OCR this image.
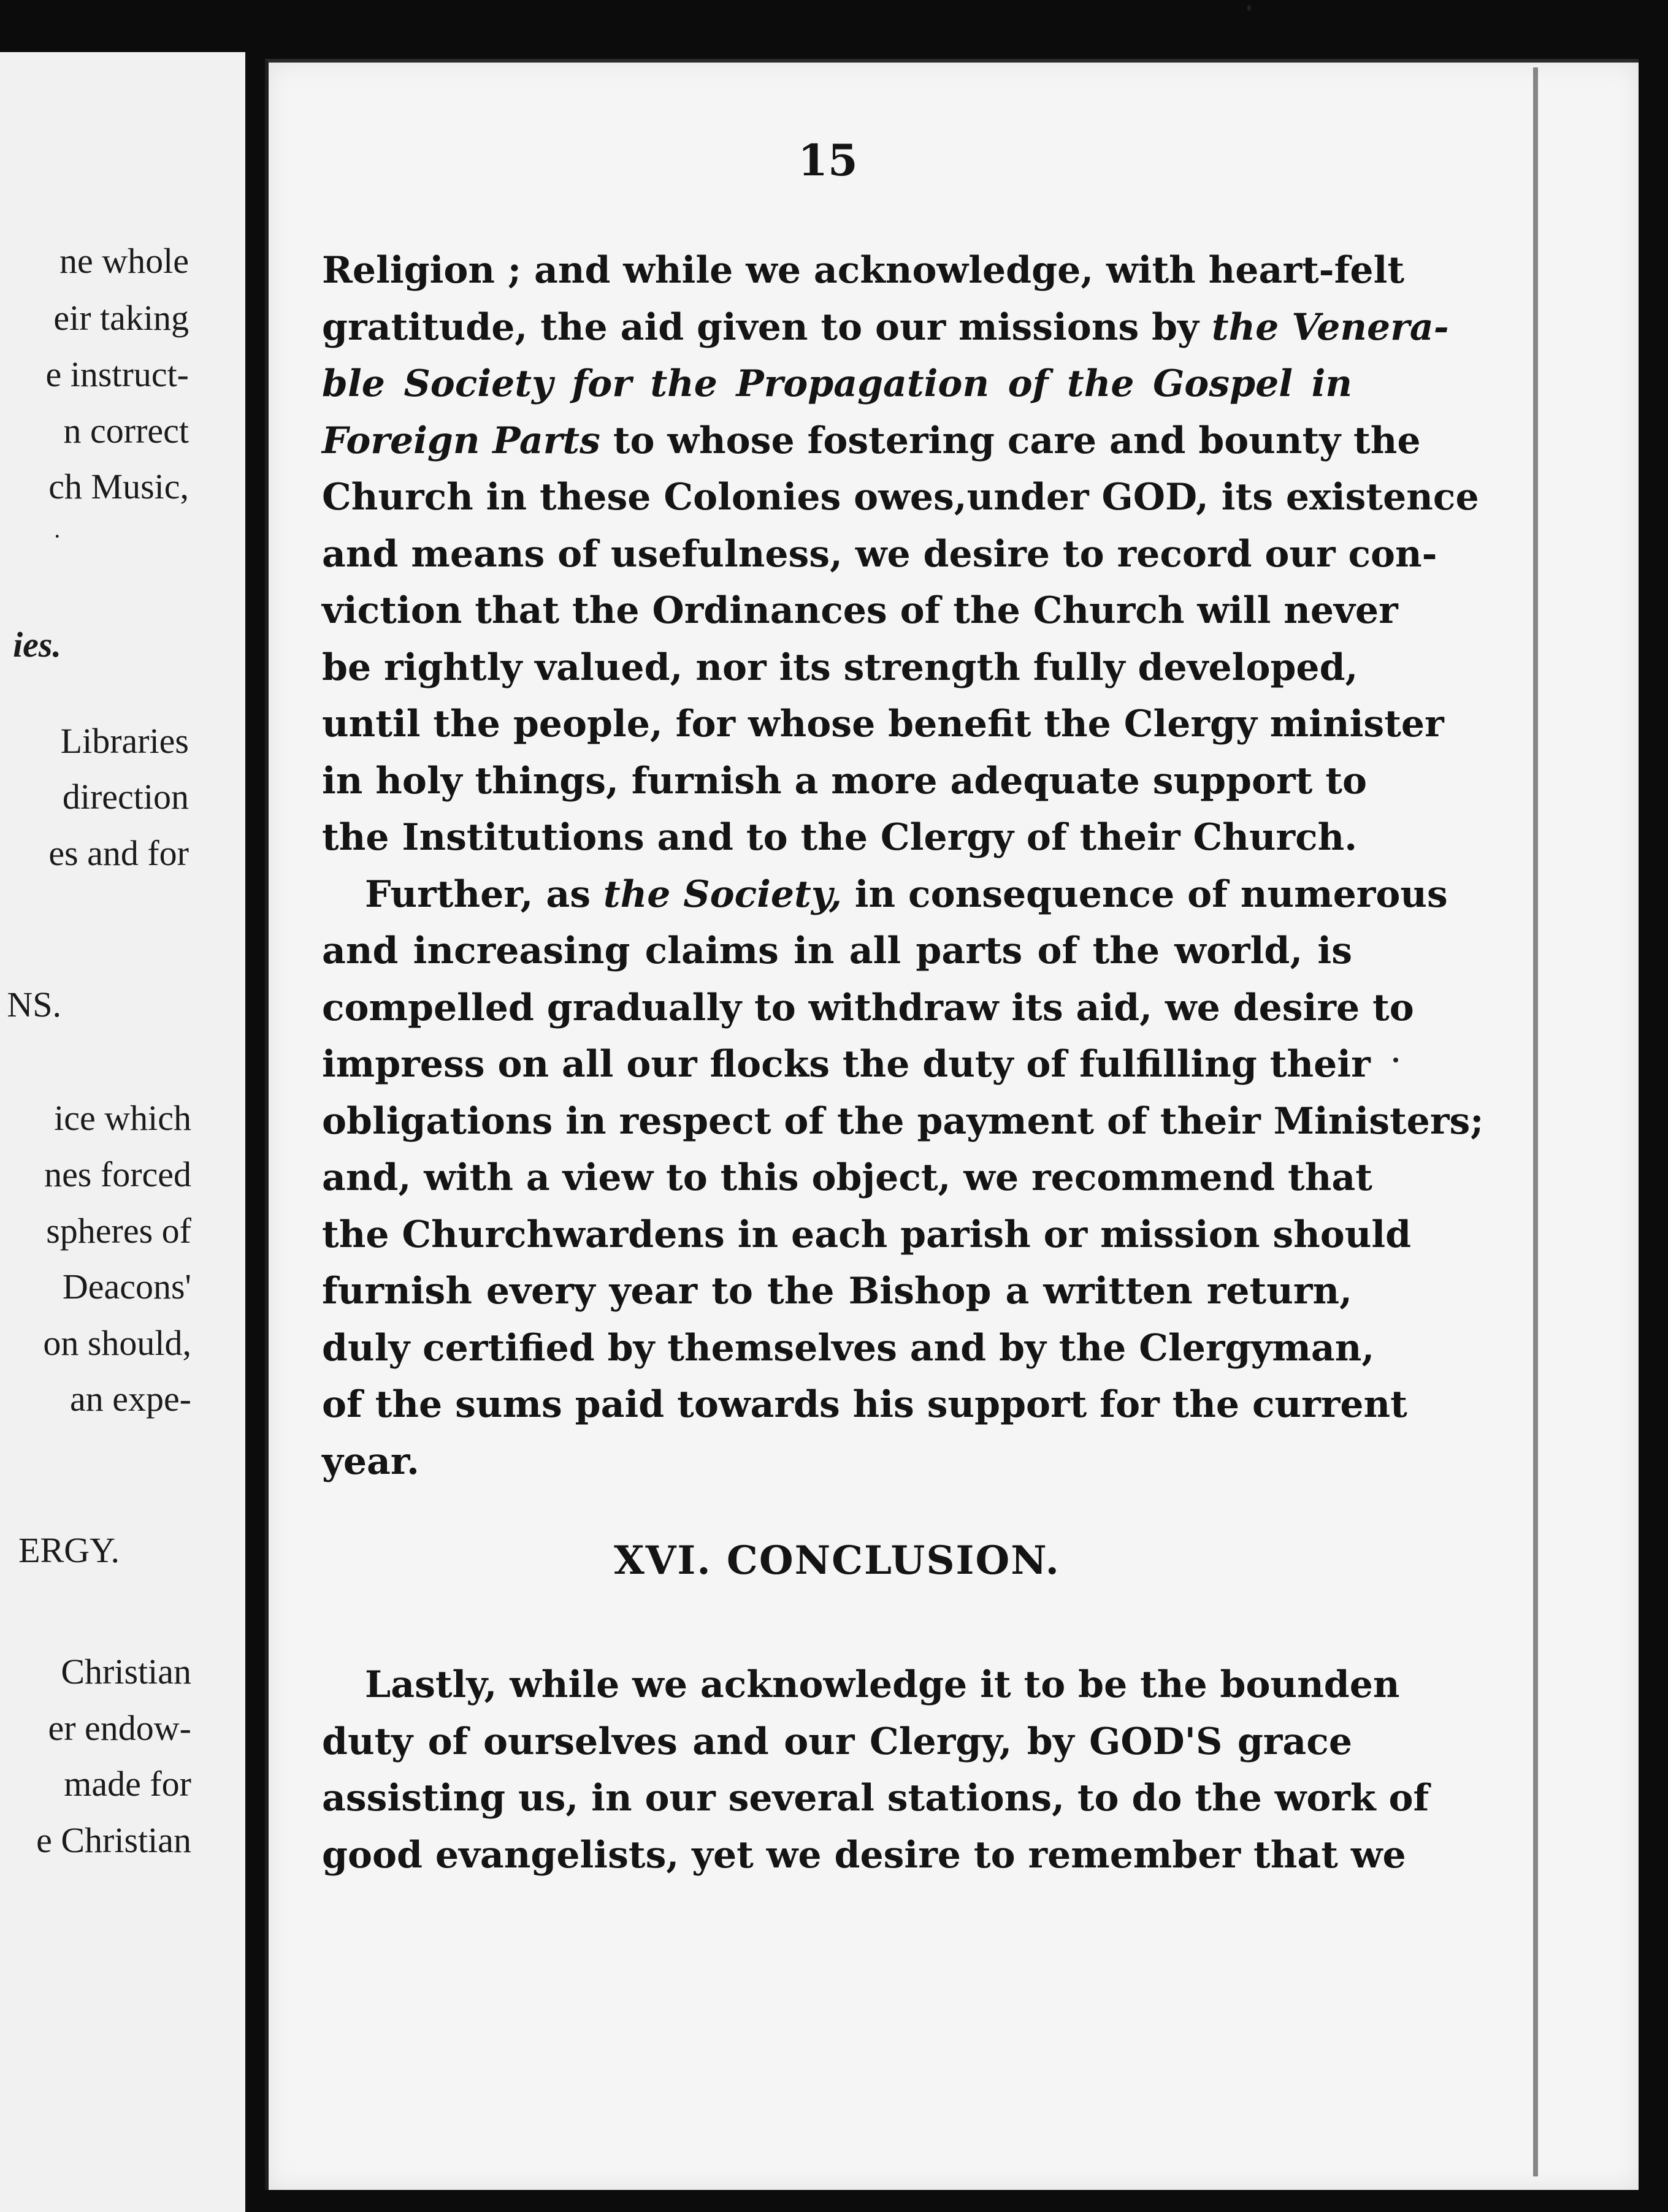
ne whole
eir taking
e instruct-
n correct
ch Music,
·
ies.
Libraries
direction
es and for
NS.
ice which
nes forced
spheres of
Deacons'
on should,
an expe-
ERGY.
Christian
er endow-
made for
e Christian
15
Religion ; and while we acknowledge, with heart-felt
gratitude, the aid given to our missions by the Venera-
ble Society for the Propagation of the Gospel in
Foreign Parts to whose fostering care and bounty the
Church in these Colonies owes,under GOD, its existence
and means of usefulness, we desire to record our con-
viction that the Ordinances of the Church will never
be rightly valued, nor its strength fully developed,
until the people, for whose benefit the Clergy minister
in holy things, furnish a more adequate support to
the Institutions and to the Clergy of their Church.
Further, as the Society, in consequence of numerous
and increasing claims in all parts of the world, is
compelled gradually to withdraw its aid, we desire to
impress on all our flocks the duty of fulfilling their
obligations in respect of the payment of their Ministers;
and, with a view to this object, we recommend that
the Churchwardens in each parish or mission should
furnish every year to the Bishop a written return,
duly certified by themselves and by the Clergyman,
of the sums paid towards his support for the current
year.
XVI. CONCLUSION.
Lastly, while we acknowledge it to be the bounden
duty of ourselves and our Clergy, by GOD'S grace
assisting us, in our several stations, to do the work of
good evangelists, yet we desire to remember that we
